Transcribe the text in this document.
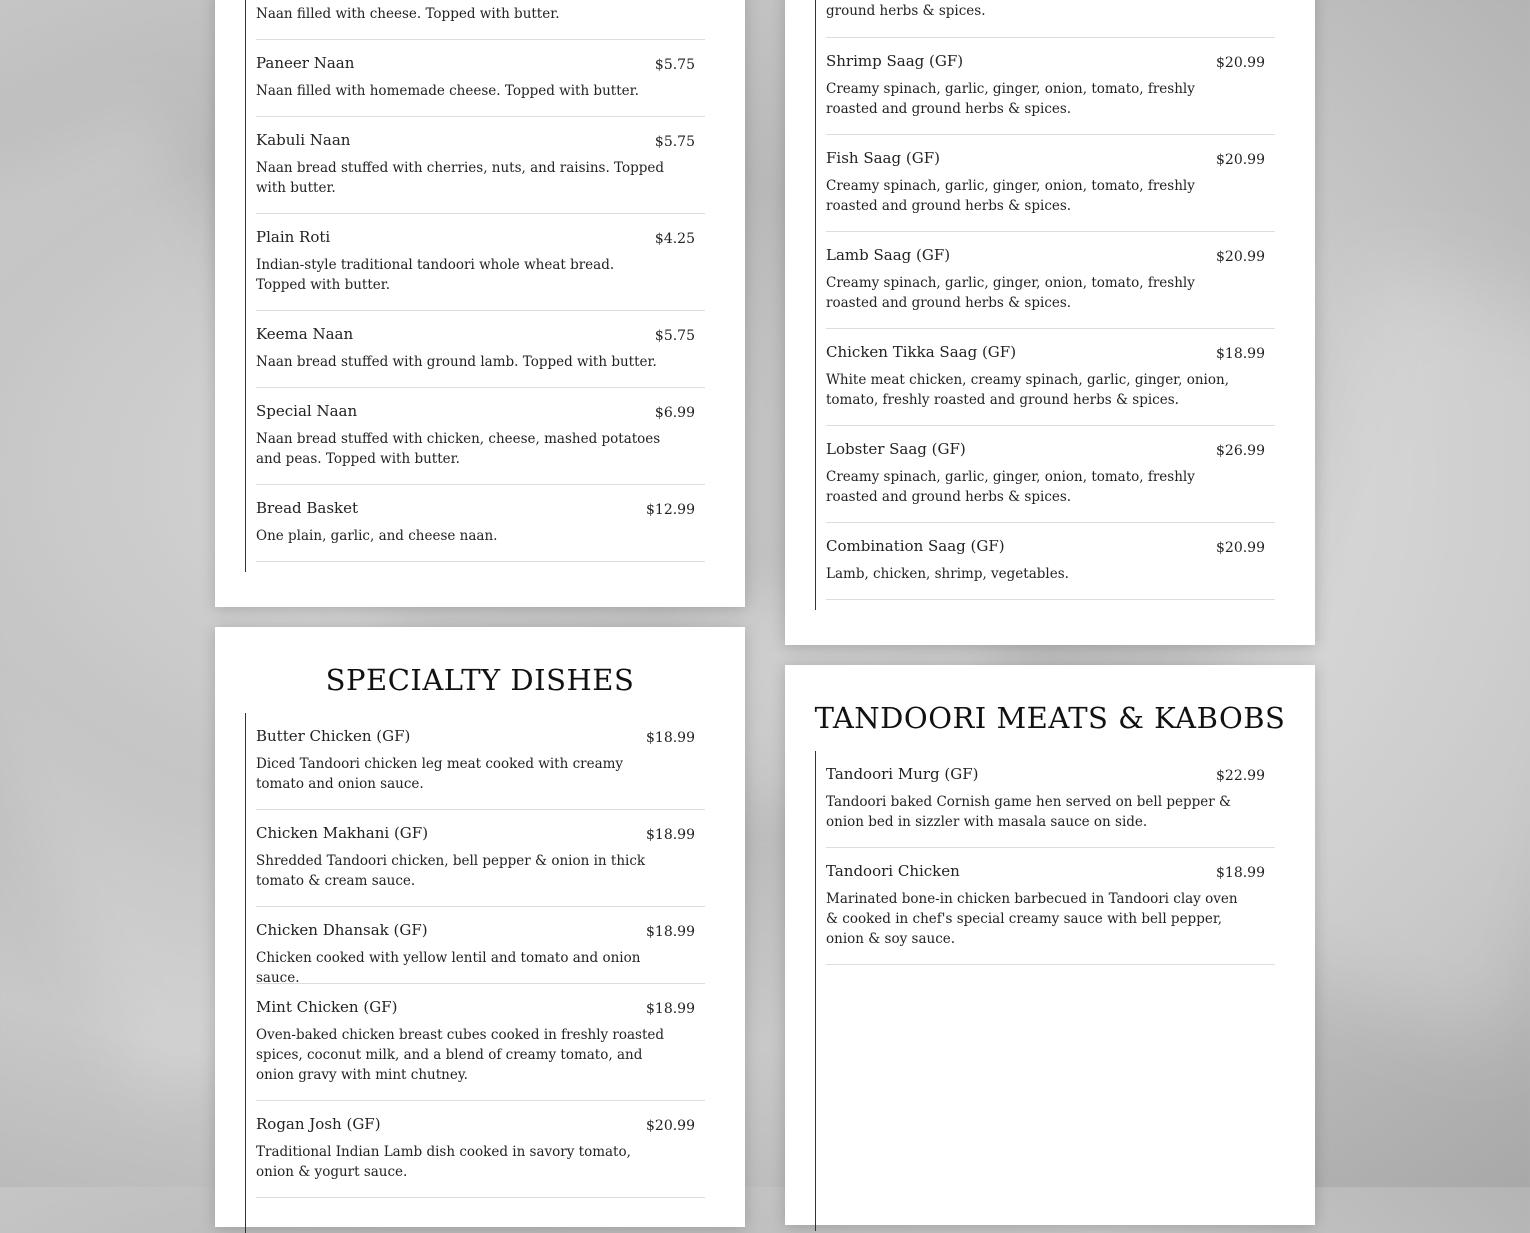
Naan filled with cheese. Topped with butter.
Paneer Naan	$5.75
Naan filled with homemade cheese. Topped with butter.
Kabuli Naan	$5.75
Naan bread stuffed with cherries, nuts, and raisins. Topped with butter.
Plain Roti	$4.25
Indian-style traditional tandoori whole wheat bread. Topped with butter.
Keema Naan	$5.75
Naan bread stuffed with ground lamb. Topped with butter.
Special Naan	$6.99
Naan bread stuffed with chicken, cheese, mashed potatoes and peas. Topped with butter.
Bread Basket	$12.99
One plain, garlic, and cheese naan.
ground herbs & spices.
Shrimp Saag (GF)	$20.99
Creamy spinach, garlic, ginger, onion, tomato, freshly roasted and ground herbs & spices.
Fish Saag (GF)	$20.99
Creamy spinach, garlic, ginger, onion, tomato, freshly roasted and ground herbs & spices.
Lamb Saag (GF)	$20.99
Creamy spinach, garlic, ginger, onion, tomato, freshly roasted and ground herbs & spices.
Chicken Tikka Saag (GF)	$18.99
White meat chicken, creamy spinach, garlic, ginger, onion, tomato, freshly roasted and ground herbs & spices.
Lobster Saag (GF)	$26.99
Creamy spinach, garlic, ginger, onion, tomato, freshly roasted and ground herbs & spices.
Combination Saag (GF)	$20.99
Lamb, chicken, shrimp, vegetables.
SPECIALTY DISHES
Butter Chicken (GF)	$18.99
Diced Tandoori chicken leg meat cooked with creamy tomato and onion sauce.
Chicken Makhani (GF)	$18.99
Shredded Tandoori chicken, bell pepper & onion in thick tomato & cream sauce.
Chicken Dhansak (GF)	$18.99
Chicken cooked with yellow lentil and tomato and onion sauce.
Mint Chicken (GF)	$18.99
Oven-baked chicken breast cubes cooked in freshly roasted spices, coconut milk, and a blend of creamy tomato, and onion gravy with mint chutney.
Rogan Josh (GF)	$20.99
Traditional Indian Lamb dish cooked in savory tomato, onion & yogurt sauce.
TANDOORI MEATS & KABOBS
Tandoori Murg (GF)	$22.99
Tandoori baked Cornish game hen served on bell pepper & onion bed in sizzler with masala sauce on side.
Tandoori Chicken	$18.99
Marinated bone-in chicken barbecued in Tandoori clay oven & cooked in chef's special creamy sauce with bell pepper, onion & soy sauce.
